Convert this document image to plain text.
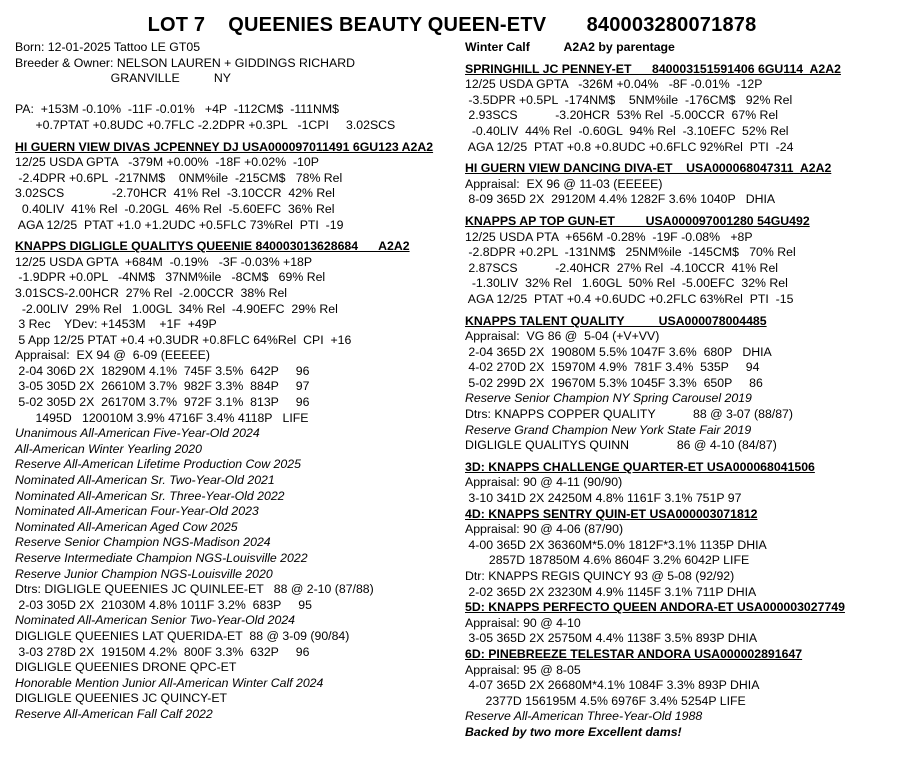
LOT 7    QUEENIES BEAUTY QUEEN-ETV       840003280071878
Born: 12-01-2025 Tattoo LE GT05
Breeder & Owner: NELSON LAUREN + GIDDINGS RICHARD
GRANVILLE          NY
PA:  +153M -0.10%  -11F -0.01%   +4P  -112CM$  -111NM$
+0.7PTAT +0.8UDC +0.7FLC -2.2DPR +0.3PL   -1CPI     3.02SCS
HI GUERN VIEW DIVAS JCPENNEY DJ USA000097011491 6GU123 A2A2
12/25 USDA GPTA   -379M +0.00%  -18F +0.02%  -10P
-2.4DPR +0.6PL  -217NM$    0NM%ile  -215CM$   78% Rel
3.02SCS              -2.70HCR  41% Rel  -3.10CCR  42% Rel
0.40LIV  41% Rel  -0.20GL  46% Rel  -5.60EFC  36% Rel
AGA 12/25  PTAT +1.0 +1.2UDC +0.5FLC 73%Rel  PTI  -19
KNAPPS DIGLIGLE QUALITYS QUEENIE 840003013628684      A2A2
12/25 USDA GPTA  +684M  -0.19%   -3F -0.03% +18P
-1.9DPR +0.0PL   -4NM$   37NM%ile   -8CM$   69% Rel
3.01SCS-2.00HCR  27% Rel  -2.00CCR  38% Rel
-2.00LIV  29% Rel   1.00GL  34% Rel  -4.90EFC  29% Rel
3 Rec    YDev: +1453M    +1F  +49P
5 App 12/25 PTAT +0.4 +0.3UDR +0.8FLC 64%Rel  CPI  +16
Appraisal:  EX 94 @  6-09 (EEEEE)
2-04 306D 2X  18290M 4.1%  745F 3.5%  642P     96
3-05 305D 2X  26610M 3.7%  982F 3.3%  884P     97
5-02 305D 2X  26170M 3.7%  972F 3.1%  813P     96
1495D   120010M 3.9% 4716F 3.4% 4118P   LIFE
Unanimous All-American Five-Year-Old 2024
All-American Winter Yearling 2020
Reserve All-American Lifetime Production Cow 2025
Nominated All-American Sr. Two-Year-Old 2021
Nominated All-American Sr. Three-Year-Old 2022
Nominated All-American Four-Year-Old 2023
Nominated All-American Aged Cow 2025
Reserve Senior Champion NGS-Madison 2024
Reserve Intermediate Champion NGS-Louisville 2022
Reserve Junior Champion NGS-Louisville 2020
Dtrs: DIGLIGLE QUEENIES JC QUINLEE-ET   88 @ 2-10 (87/88)
2-03 305D 2X  21030M 4.8% 1011F 3.2%  683P     95
Nominated All-American Senior Two-Year-Old 2024
DIGLIGLE QUEENIES LAT QUERIDA-ET  88 @ 3-09 (90/84)
3-03 278D 2X  19150M 4.2%  800F 3.3%  632P     96
DIGLIGLE QUEENIES DRONE QPC-ET
Honorable Mention Junior All-American Winter Calf 2024
DIGLIGLE QUEENIES JC QUINCY-ET
Reserve All-American Fall Calf 2022
Winter Calf          A2A2 by parentage
SPRINGHILL JC PENNEY-ET      840003151591406 6GU114  A2A2
12/25 USDA GPTA   -326M +0.04%   -8F -0.01%  -12P
-3.5DPR +0.5PL  -174NM$    5NM%ile  -176CM$   92% Rel
2.93SCS           -3.20HCR  53% Rel  -5.00CCR  67% Rel
-0.40LIV  44% Rel  -0.60GL  94% Rel  -3.10EFC  52% Rel
AGA 12/25  PTAT +0.8 +0.8UDC +0.6FLC 92%Rel  PTI  -24
HI GUERN VIEW DANCING DIVA-ET    USA000068047311  A2A2
Appraisal:  EX 96 @ 11-03 (EEEEE)
8-09 365D 2X  29120M 4.4% 1282F 3.6% 1040P   DHIA
KNAPPS AP TOP GUN-ET         USA000097001280 54GU492
12/25 USDA PTA  +656M -0.28%  -19F -0.08%   +8P
-2.8DPR +0.2PL  -131NM$   25NM%ile  -145CM$   70% Rel
2.87SCS           -2.40HCR  27% Rel  -4.10CCR  41% Rel
-1.30LIV  32% Rel   1.60GL  50% Rel  -5.00EFC  32% Rel
AGA 12/25  PTAT +0.4 +0.6UDC +0.2FLC 63%Rel  PTI  -15
KNAPPS TALENT QUALITY          USA000078004485
Appraisal:  VG 86 @  5-04 (+V+VV)
2-04 365D 2X  19080M 5.5% 1047F 3.6%  680P   DHIA
4-02 270D 2X  15970M 4.9%  781F 3.4%  535P     94
5-02 299D 2X  19670M 5.3% 1045F 3.3%  650P     86
Reserve Senior Champion NY Spring Carousel 2019
Dtrs: KNAPPS COPPER QUALITY           88 @ 3-07 (88/87)
Reserve Grand Champion New York State Fair 2019
DIGLIGLE QUALITYS QUINN              86 @ 4-10 (84/87)
3D: KNAPPS CHALLENGE QUARTER-ET USA000068041506
Appraisal: 90 @ 4-11 (90/90)
3-10 341D 2X 24250M 4.8% 1161F 3.1% 751P 97
4D: KNAPPS SENTRY QUIN-ET USA000003071812
Appraisal: 90 @ 4-06 (87/90)
4-00 365D 2X 36360M*5.0% 1812F*3.1% 1135P DHIA
2857D 187850M 4.6% 8604F 3.2% 6042P LIFE
Dtr: KNAPPS REGIS QUINCY 93 @ 5-08 (92/92)
2-02 365D 2X 23230M 4.9% 1145F 3.1% 711P DHIA
5D: KNAPPS PERFECTO QUEEN ANDORA-ET USA000003027749
Appraisal: 90 @ 4-10
3-05 365D 2X 25750M 4.4% 1138F 3.5% 893P DHIA
6D: PINEBREEZE TELESTAR ANDORA USA000002891647
Appraisal: 95 @ 8-05
4-07 365D 2X 26680M*4.1% 1084F 3.3% 893P DHIA
2377D 156195M 4.5% 6976F 3.4% 5254P LIFE
Reserve All-American Three-Year-Old 1988
Backed by two more Excellent dams!
